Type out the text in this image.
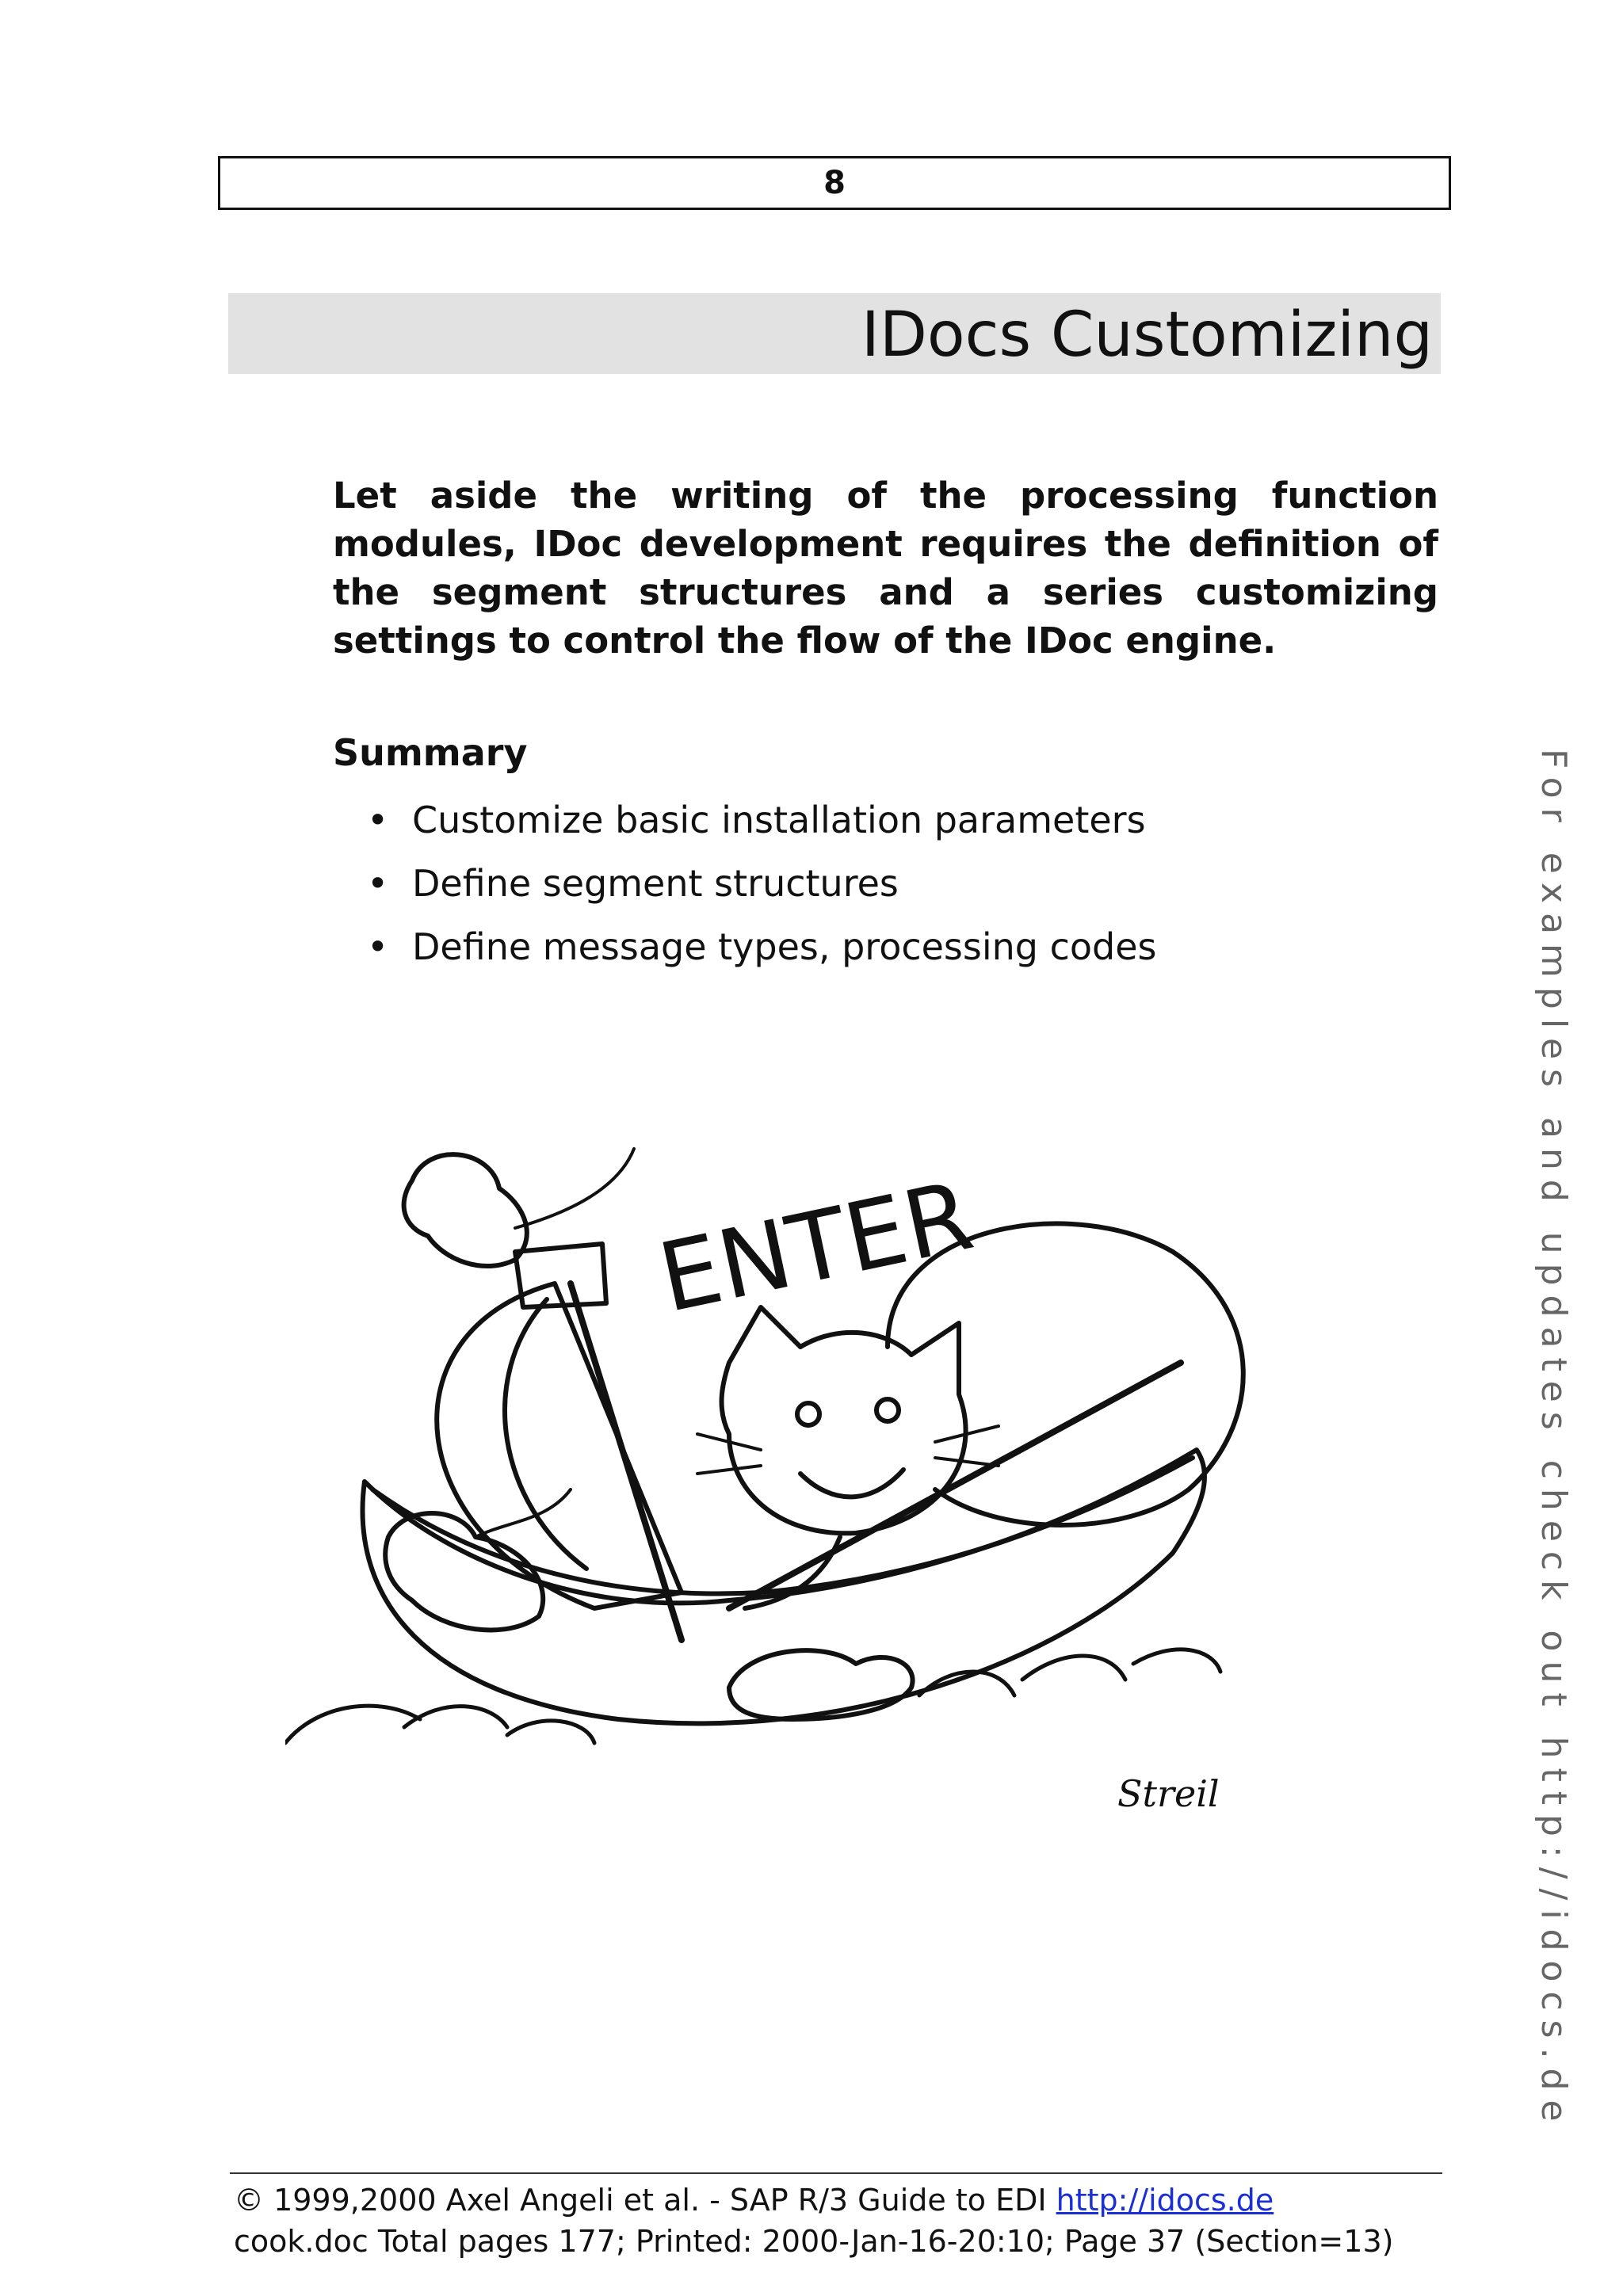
8
IDocs Customizing

Let aside the writing of the processing function modules, IDoc development requires the definition of the segment structures and a series customizing settings to control the flow of the IDoc engine.

Summary
• Customize basic installation parameters
• Define segment structures
• Define message types, processing codes	For examples and updates check out http://idocs.de
ENTER
Streil
© 1999,2000 Axel Angeli et al. - SAP R/3 Guide to EDI http://idocs.de
cook.doc Total pages 177; Printed: 2000-Jan-16-20:10; Page 37 (Section=13)
